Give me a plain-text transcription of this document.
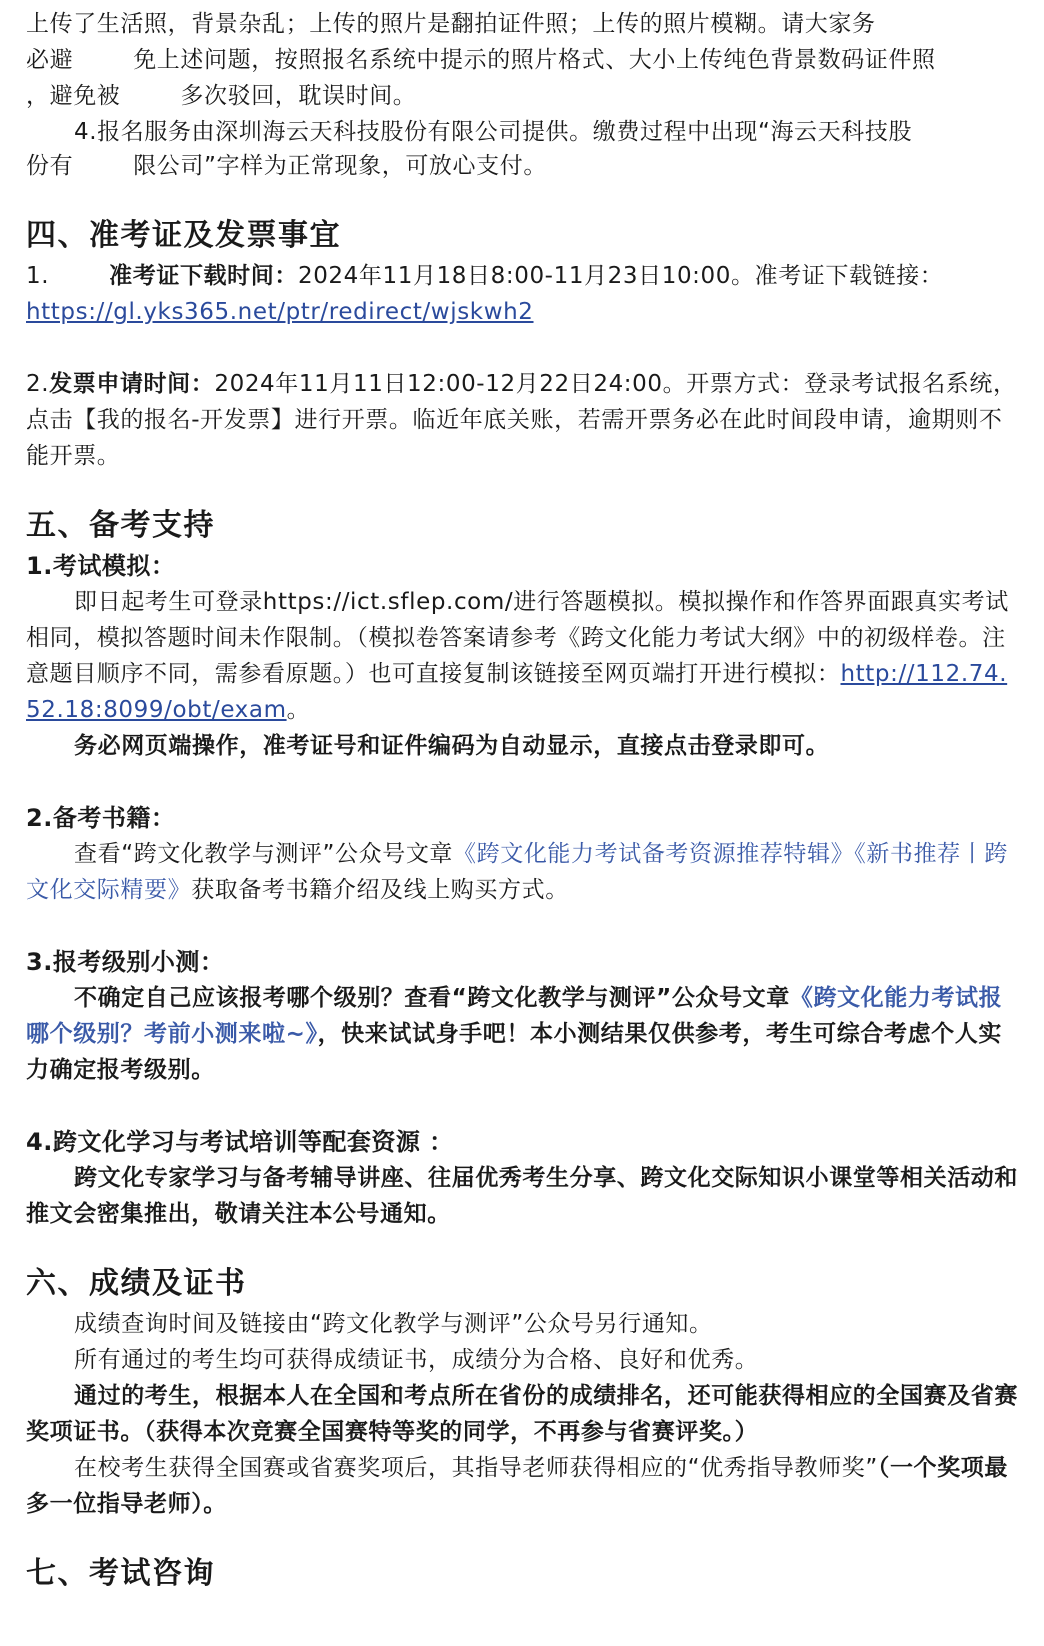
上传了生活照，背景杂乱；上传的照片是翻拍证件照；上传的照片模糊。请大家务
必避	免上述问题，按照报名系统中提示的照片格式、大小上传纯色背景数码证件照
，避免被	多次驳回，耽误时间。

4.报名服务由深圳海云天科技股份有限公司提供。缴费过程中出现“海云天科技股

份有	限公司”字样为正常现象，可放心支付。

四、准考证及发票事宜

1.	准考证下载时间：2024年11月18日8:00-11月23日10:00。准考证下载链接：
https://gl.yks365.net/ptr/redirect/wjskwh2

2.发票申请时间：2024年11月11日12:00-12月22日24:00。开票方式：登录考试报名系统，点击【我的报名-开发票】进行开票。临近年底关账，若需开票务必在此时间段申请，逾期则不能开票。

五、备考支持

1.考试模拟：

即日起考生可登录https://ict.sflep.com/进行答题模拟。模拟操作和作答界面跟真实考试相同，模拟答题时间未作限制。（模拟卷答案请参考《跨文化能力考试大纲》中的初级样卷。注意题目顺序不同，需参看原题。）也可直接复制该链接至网页端打开进行模拟：http://112.74.52.18:8099/obt/exam。

务必网页端操作，准考证号和证件编码为自动显示，直接点击登录即可。

2.备考书籍：

查看“跨文化教学与测评”公众号文章《跨文化能力考试备考资源推荐特辑》《新书推荐丨跨文化交际精要》获取备考书籍介绍及线上购买方式。

3.报考级别小测：

不确定自己应该报考哪个级别？查看“跨文化教学与测评”公众号文章《跨文化能力考试报哪个级别？考前小测来啦~》，快来试试身手吧！本小测结果仅供参考，考生可综合考虑个人实力确定报考级别。

4.跨文化学习与考试培训等配套资源 ：

跨文化专家学习与备考辅导讲座、往届优秀考生分享、跨文化交际知识小课堂等相关活动和推文会密集推出，敬请关注本公号通知。

六、成绩及证书

成绩查询时间及链接由“跨文化教学与测评”公众号另行通知。

所有通过的考生均可获得成绩证书，成绩分为合格、良好和优秀。

通过的考生，根据本人在全国和考点所在省份的成绩排名，还可能获得相应的全国赛及省赛奖项证书。（获得本次竞赛全国赛特等奖的同学，不再参与省赛评奖。）

在校考生获得全国赛或省赛奖项后，其指导老师获得相应的“优秀指导教师奖”（一个奖项最多一位指导老师）。

七、考试咨询
